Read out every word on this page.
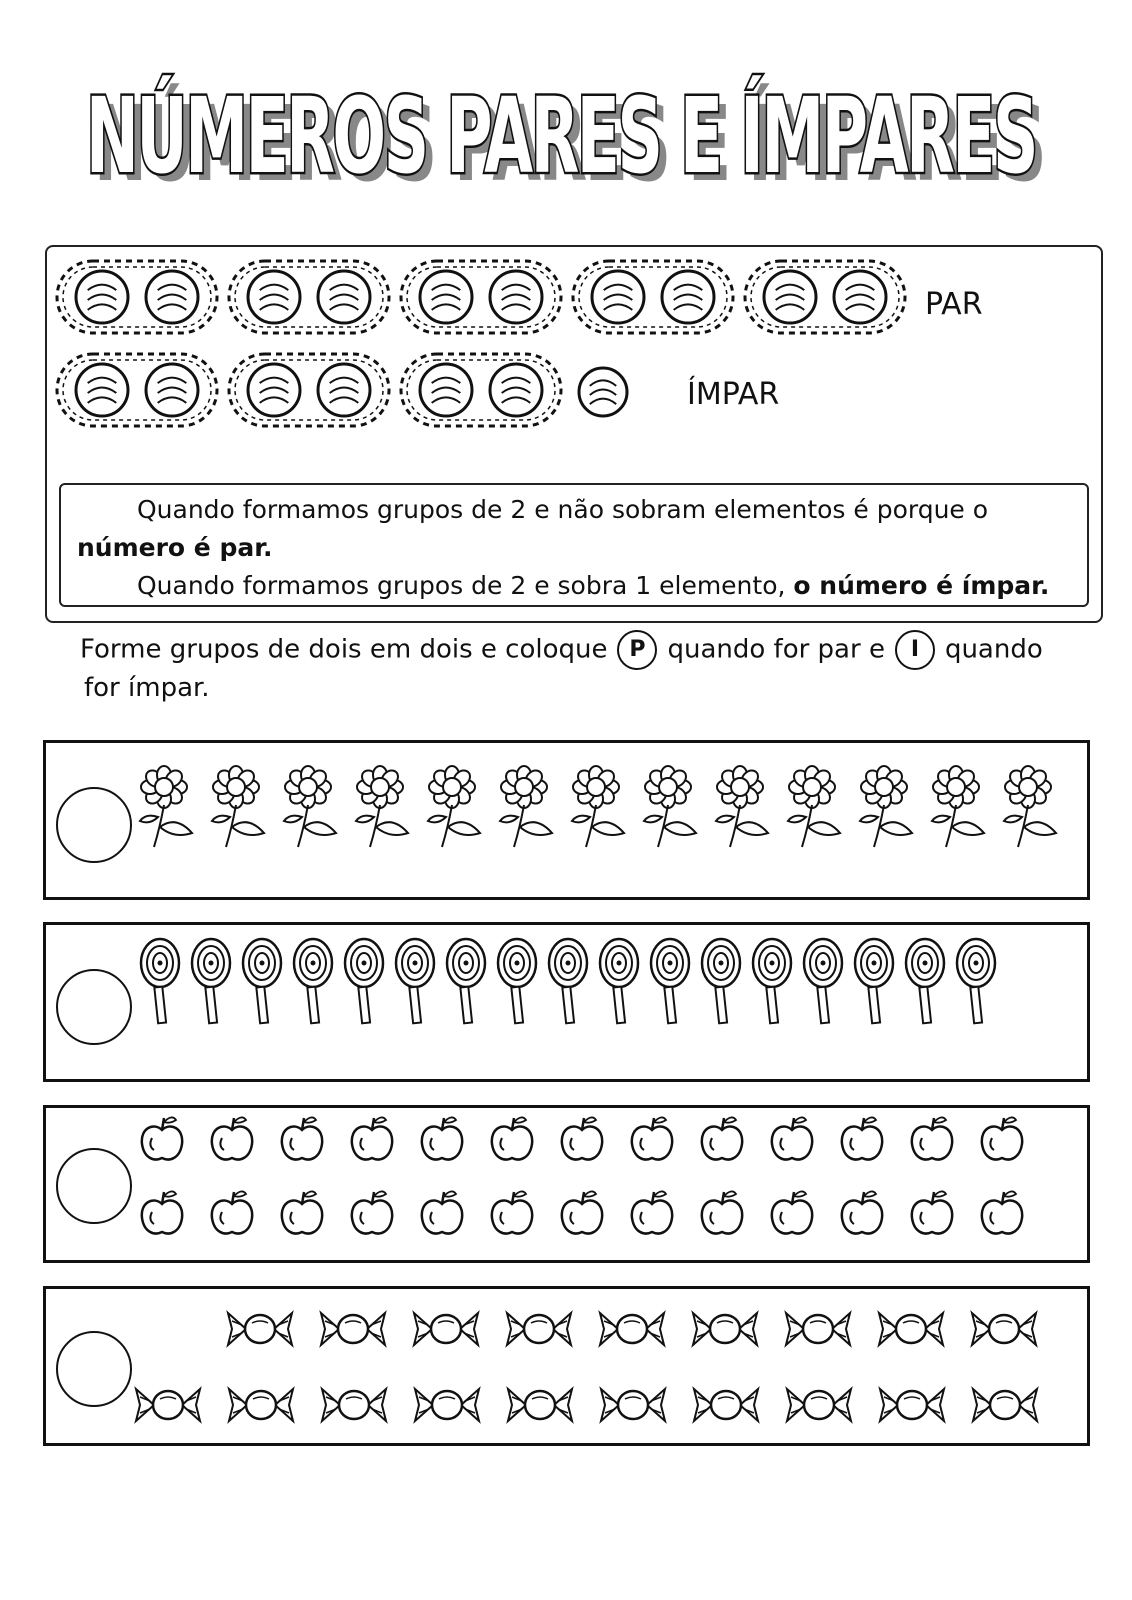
NÚMEROS PARES E ÍMPARES
NÚMEROS PARES E ÍMPARES
PAR
ÍMPAR
Quando formamos grupos de 2 e não sobram elementos é porque o
número é par.
Quando formamos grupos de 2 e sobra 1 elemento, o número é ímpar.
Forme grupos de dois em dois e coloque P quando for par e I quando
for ímpar.
